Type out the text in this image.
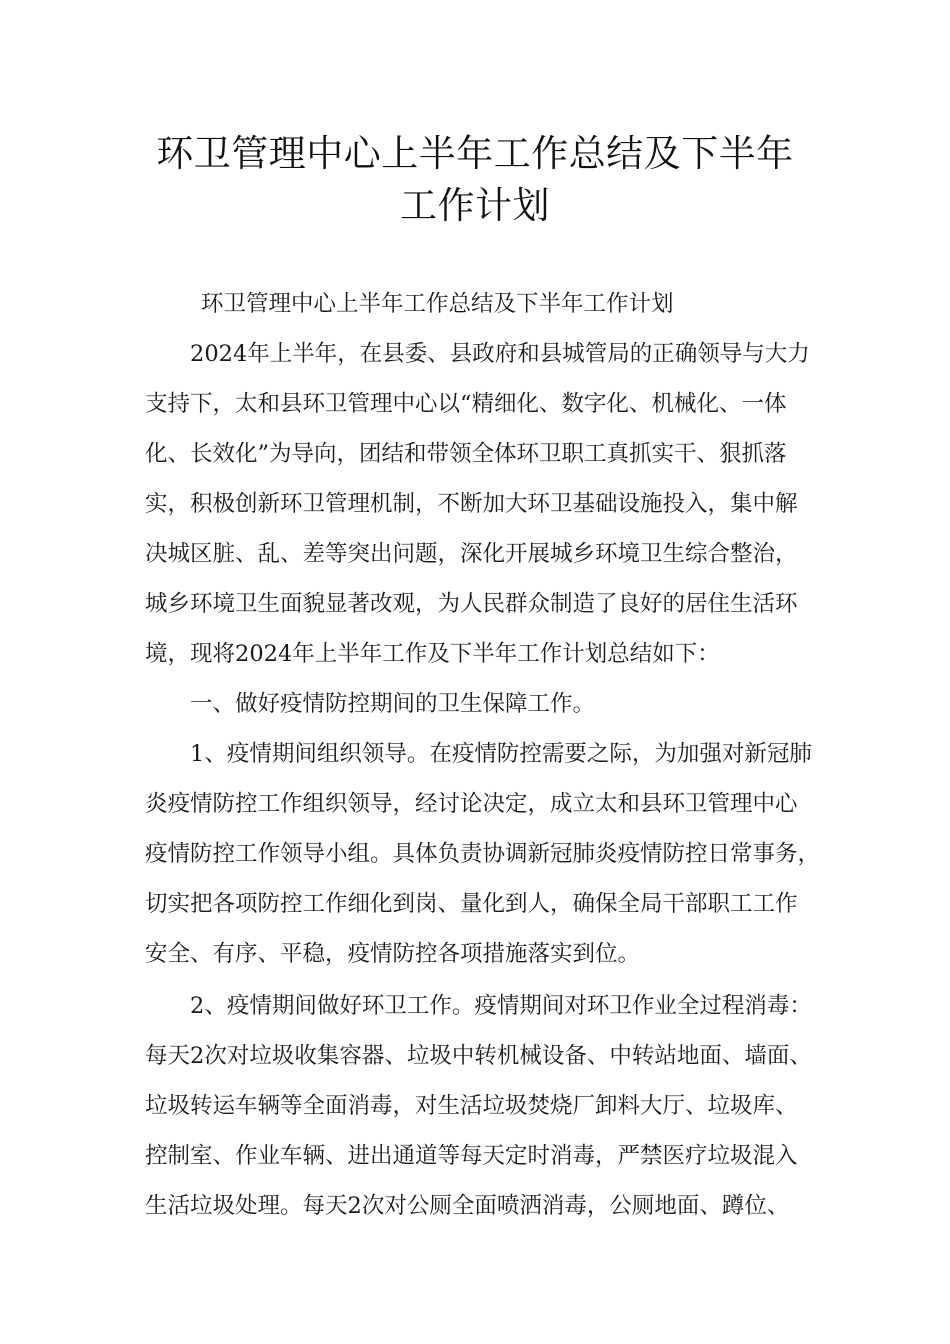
环卫管理中心上半年工作总结及下半年
工作计划

环卫管理中心上半年工作总结及下半年工作计划

2024年上半年，在县委、县政府和县城管局的正确领导与大力
支持下，太和县环卫管理中心以“精细化、数字化、机械化、一体
化、长效化”为导向，团结和带领全体环卫职工真抓实干、狠抓落
实，积极创新环卫管理机制，不断加大环卫基础设施投入，集中解
决城区脏、乱、差等突出问题，深化开展城乡环境卫生综合整治，
城乡环境卫生面貌显著改观，为人民群众制造了良好的居住生活环
境，现将2024年上半年工作及下半年工作计划总结如下：

一、做好疫情防控期间的卫生保障工作。

1、疫情期间组织领导。在疫情防控需要之际，为加强对新冠肺
炎疫情防控工作组织领导，经讨论决定，成立太和县环卫管理中心
疫情防控工作领导小组。具体负责协调新冠肺炎疫情防控日常事务，
切实把各项防控工作细化到岗、量化到人，确保全局干部职工工作
安全、有序、平稳，疫情防控各项措施落实到位。

2、疫情期间做好环卫工作。疫情期间对环卫作业全过程消毒：
每天2次对垃圾收集容器、垃圾中转机械设备、中转站地面、墙面、
垃圾转运车辆等全面消毒，对生活垃圾焚烧厂卸料大厅、垃圾库、
控制室、作业车辆、进出通道等每天定时消毒，严禁医疗垃圾混入
生活垃圾处理。每天2次对公厕全面喷洒消毒，公厕地面、蹲位、
